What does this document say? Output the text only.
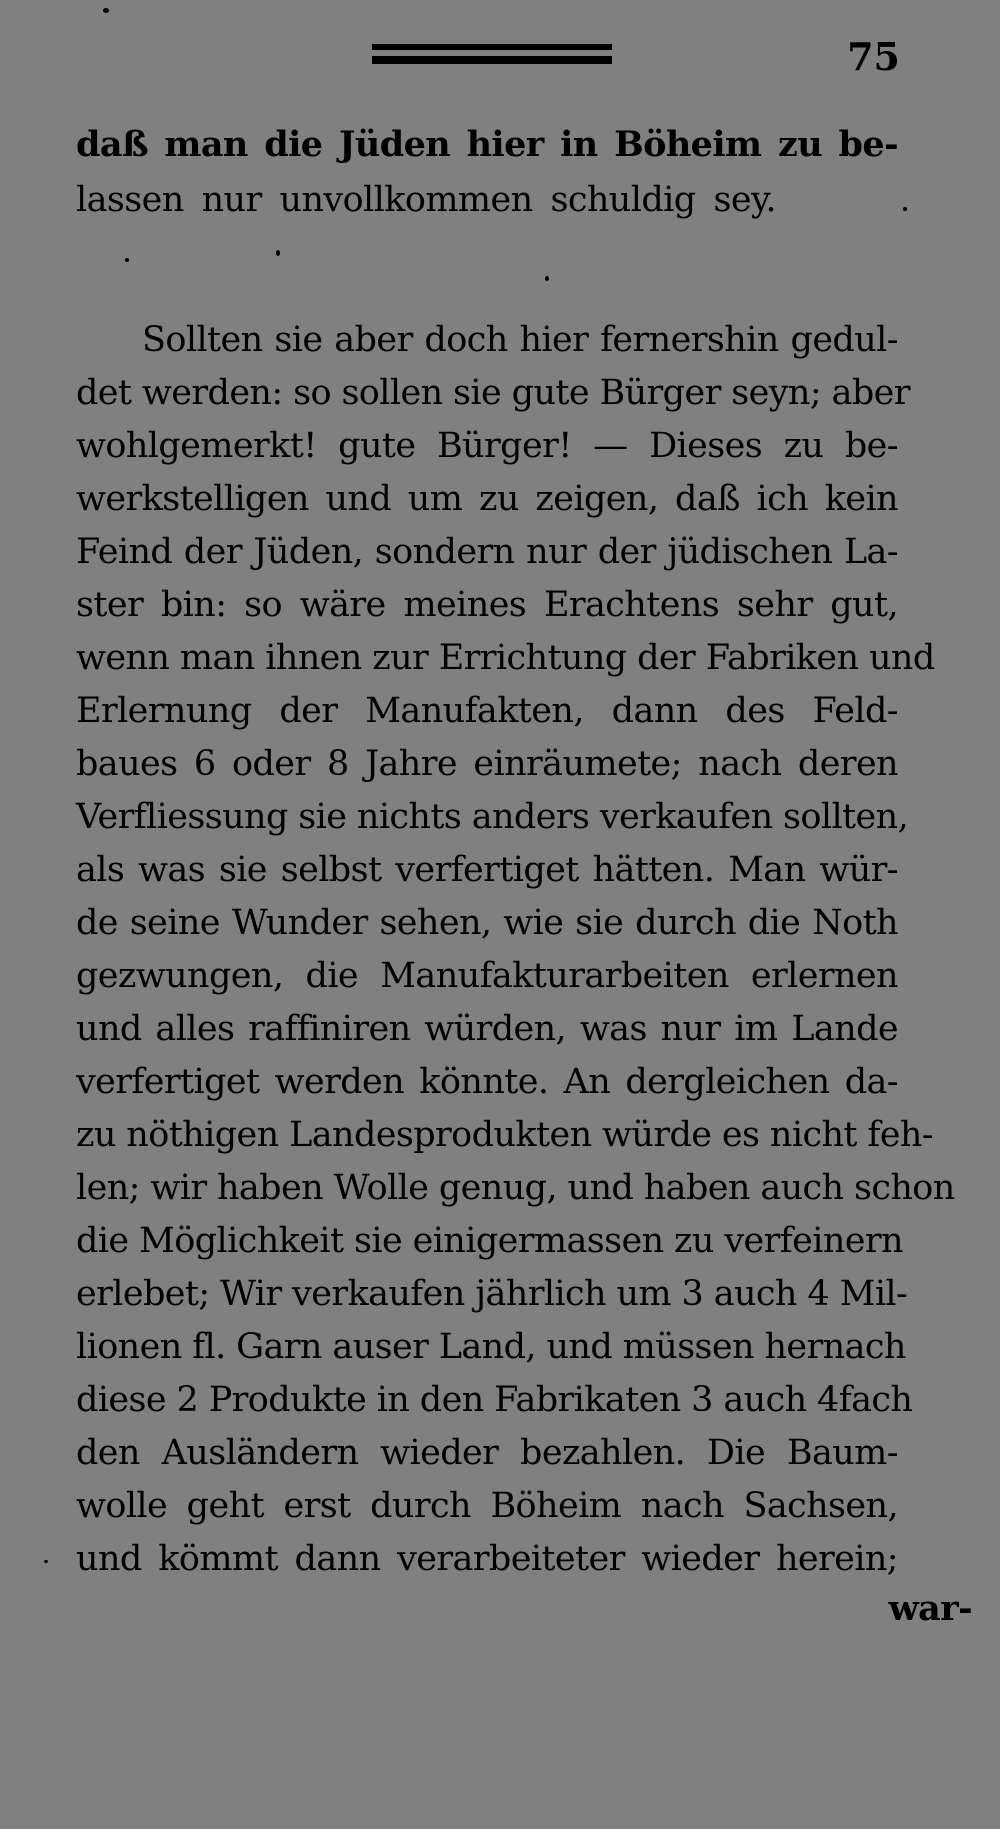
75
daß man die Jüden hier in Böheim zu be-
lassen nur unvollkommen schuldig sey.
Sollten sie aber doch hier fernershin gedul-
det werden: so sollen sie gute Bürger seyn; aber
wohlgemerkt! gute Bürger! — Dieses zu be-
werkstelligen und um zu zeigen, daß ich kein
Feind der Jüden, sondern nur der jüdischen La-
ster bin: so wäre meines Erachtens sehr gut,
wenn man ihnen zur Errichtung der Fabriken und
Erlernung der Manufakten, dann des Feld-
baues 6 oder 8 Jahre einräumete; nach deren
Verfliessung sie nichts anders verkaufen sollten,
als was sie selbst verfertiget hätten. Man wür-
de seine Wunder sehen, wie sie durch die Noth
gezwungen, die Manufakturarbeiten erlernen
und alles raffiniren würden, was nur im Lande
verfertiget werden könnte. An dergleichen da-
zu nöthigen Landesprodukten würde es nicht feh-
len; wir haben Wolle genug, und haben auch schon
die Möglichkeit sie einigermassen zu verfeinern
erlebet; Wir verkaufen jährlich um 3 auch 4 Mil-
lionen fl. Garn auser Land, und müssen hernach
diese 2 Produkte in den Fabrikaten 3 auch 4fach
den Ausländern wieder bezahlen. Die Baum-
wolle geht erst durch Böheim nach Sachsen,
und kömmt dann verarbeiteter wieder herein;
war-
